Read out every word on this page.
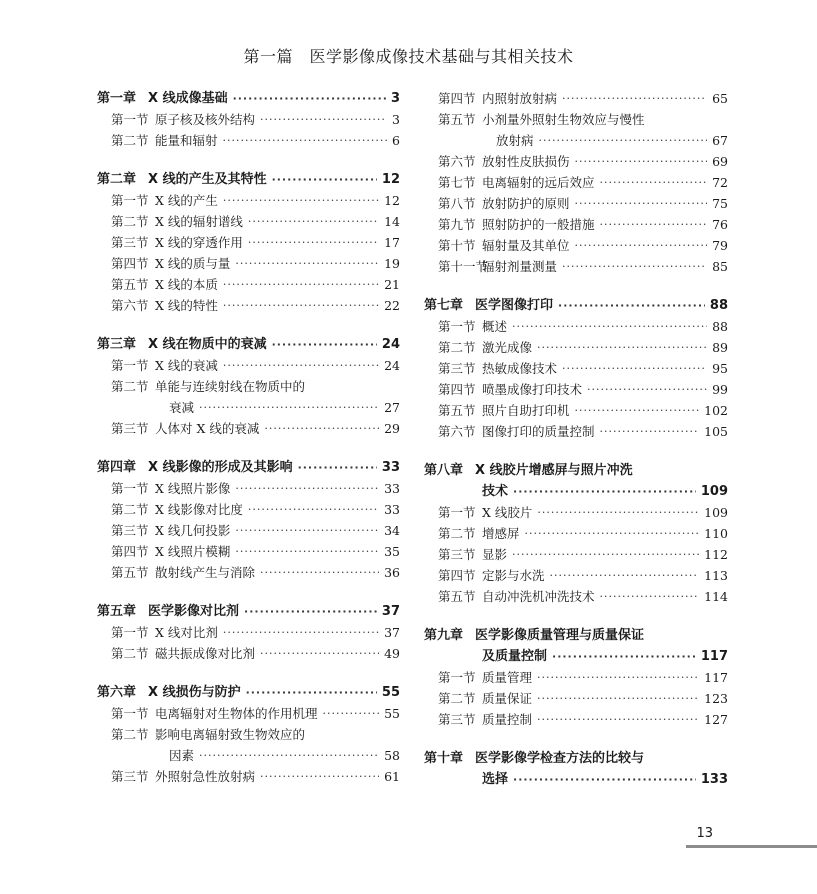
第一篇　医学影像成像技术基础与其相关技术
第一章 X 线成像基础 ·····	3
第一节 原子核及核外结构 ·····	3
第二节 能量和辐射 ·····	6
第二章 X 线的产生及其特性 ·····	12
第一节 X 线的产生 ·····	12
第二节 X 线的辐射谱线 ·····	14
第三节 X 线的穿透作用 ·····	17
第四节 X 线的质与量 ·····	19
第五节 X 线的本质 ·····	21
第六节 X 线的特性 ·····	22
第三章 X 线在物质中的衰减 ·····	24
第一节 X 线的衰减 ·····	24
第二节 单能与连续射线在物质中的
衰减 ·····	27
第三节 人体对 X 线的衰减 ·····	29
第四章 X 线影像的形成及其影响 ·····	33
第一节 X 线照片影像 ·····	33
第二节 X 线影像对比度 ·····	33
第三节 X 线几何投影 ·····	34
第四节 X 线照片模糊 ·····	35
第五节 散射线产生与消除 ·····	36
第五章 医学影像对比剂 ·····	37
第一节 X 线对比剂 ·····	37
第二节 磁共振成像对比剂 ·····	49
第六章 X 线损伤与防护 ·····	55
第一节 电离辐射对生物体的作用机理 ·····	55
第二节 影响电离辐射致生物效应的
因素 ·····	58
第三节 外照射急性放射病 ·····	61
第四节 内照射放射病 ·····	65
第五节 小剂量外照射生物效应与慢性
放射病 ·····	67
第六节 放射性皮肤损伤 ·····	69
第七节 电离辐射的远后效应 ·····	72
第八节 放射防护的原则 ·····	75
第九节 照射防护的一般措施 ·····	76
第十节 辐射量及其单位 ·····	79
第十一节辐射剂量测量 ·····	85
第七章 医学图像打印 ·····	88
第一节 概述 ·····	88
第二节 激光成像 ·····	89
第三节 热敏成像技术 ·····	95
第四节 喷墨成像打印技术 ·····	99
第五节 照片自助打印机 ·····	102
第六节 图像打印的质量控制 ·····	105
第八章 X 线胶片增感屏与照片冲洗
技术 ·····	109
第一节 X 线胶片 ·····	109
第二节 增感屏 ·····	110
第三节 显影 ·····	112
第四节 定影与水洗 ·····	113
第五节 自动冲洗机冲洗技术 ·····	114
第九章 医学影像质量管理与质量保证
及质量控制 ·····	117
第一节 质量管理 ·····	117
第二节 质量保证 ·····	123
第三节 质量控制 ·····	127
第十章 医学影像学检查方法的比较与
选择 ·····	133
13
